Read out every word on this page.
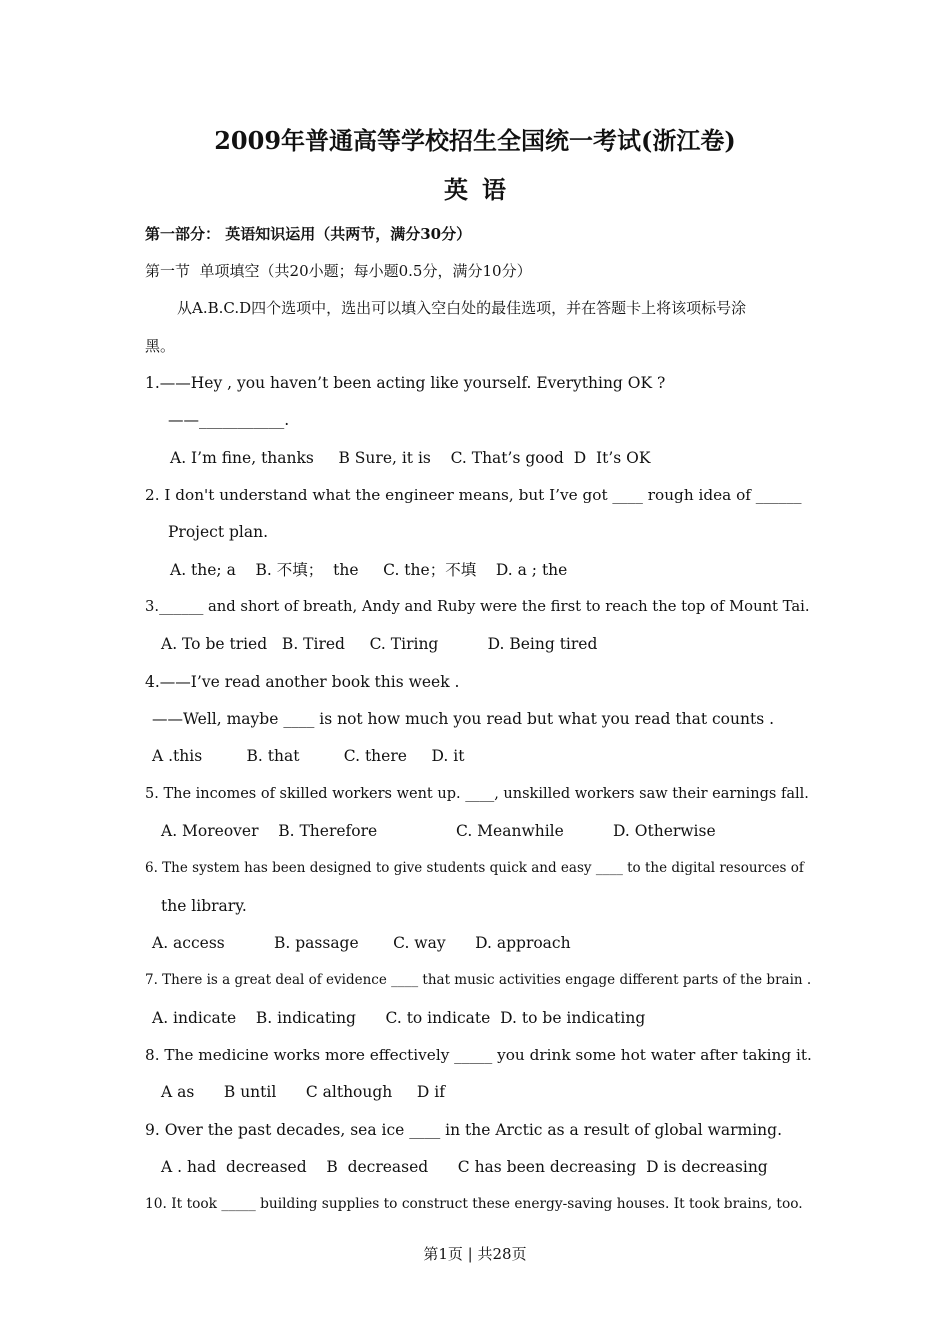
2009年普通高等学校招生全国统一考试(浙江卷)
英语
第一部分： 英语知识运用（共两节，满分30分）
第一节  单项填空（共20小题；每小题0.5分，满分10分）
从A.B.C.D四个选项中，选出可以填入空白处的最佳选项，并在答题卡上将该项标号涂
黑。
1.——Hey , you haven’t been acting like yourself. Everything OK ?
——___________.
A. I’m fine, thanks     B Sure, it is    C. That’s good  D  It’s OK
2. I don't understand what the engineer means, but I’ve got ____ rough idea of ______
Project plan.
A. the; a    B. 不填；  the     C. the；不填    D. a ; the
3.______ and short of breath, Andy and Ruby were the first to reach the top of Mount Tai.
A. To be tried   B. Tired     C. Tiring          D. Being tired
4.——I’ve read another book this week .
——Well, maybe ____ is not how much you read but what you read that counts .
A .this         B. that         C. there     D. it
5. The incomes of skilled workers went up. ____, unskilled workers saw their earnings fall.
A. Moreover    B. Therefore                C. Meanwhile          D. Otherwise
6. The system has been designed to give students quick and easy ____ to the digital resources of
the library.
A. access          B. passage       C. way      D. approach
7. There is a great deal of evidence ____ that music activities engage different parts of the brain .
A. indicate    B. indicating      C. to indicate  D. to be indicating
8. The medicine works more effectively _____ you drink some hot water after taking it.
A as      B until      C although     D if
9. Over the past decades, sea ice ____ in the Arctic as a result of global warming.
A . had  decreased    B  decreased      C has been decreasing  D is decreasing
10. It took _____ building supplies to construct these energy-saving houses. It took brains, too.
第1页 | 共28页
